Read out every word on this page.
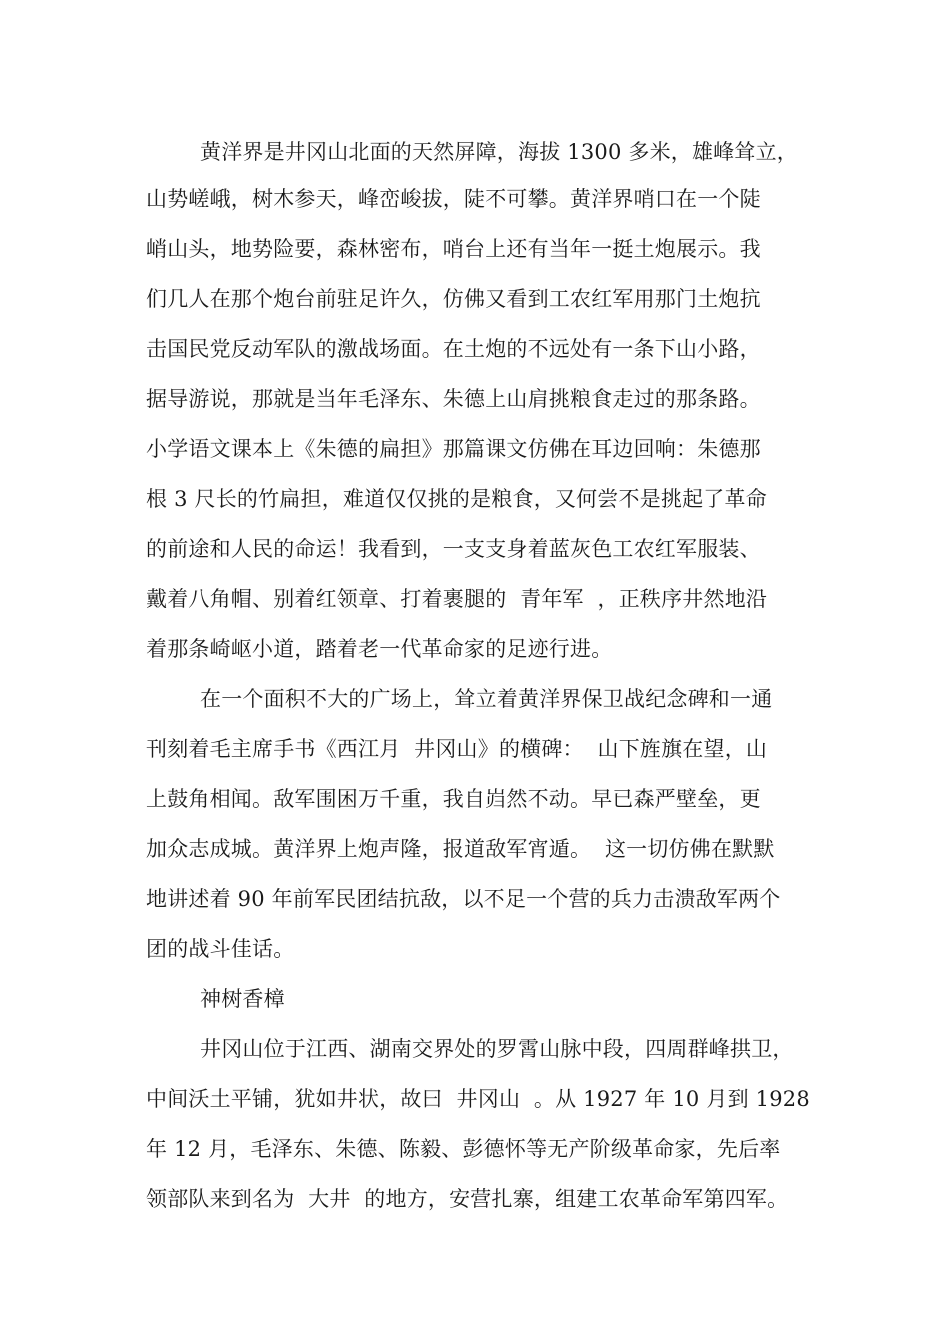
黄洋界是井冈山北面的天然屏障，海拔 1300 多米，雄峰耸立，
山势嵯峨，树木参天，峰峦峻拔，陡不可攀。黄洋界哨口在一个陡
峭山头，地势险要，森林密布，哨台上还有当年一挺土炮展示。我
们几人在那个炮台前驻足许久，仿佛又看到工农红军用那门土炮抗
击国民党反动军队的激战场面。在土炮的不远处有一条下山小路，
据导游说，那就是当年毛泽东、朱德上山肩挑粮食走过的那条路。
小学语文课本上《朱德的扁担》那篇课文仿佛在耳边回响：朱德那
根 3 尺长的竹扁担，难道仅仅挑的是粮食，又何尝不是挑起了革命
的前途和人民的命运！我看到，一支支身着蓝灰色工农红军服装、
戴着八角帽、别着红领章、打着裹腿的  青年军  ，正秩序井然地沿
着那条崎岖小道，踏着老一代革命家的足迹行进。
在一个面积不大的广场上，耸立着黄洋界保卫战纪念碑和一通
刊刻着毛主席手书《西江月  井冈山》的横碑：  山下旌旗在望，山
上鼓角相闻。敌军围困万千重，我自岿然不动。早已森严壁垒，更
加众志成城。黄洋界上炮声隆，报道敌军宵遁。  这一切仿佛在默默
地讲述着 90 年前军民团结抗敌，以不足一个营的兵力击溃敌军两个
团的战斗佳话。
神树香樟
井冈山位于江西、湖南交界处的罗霄山脉中段，四周群峰拱卫，
中间沃土平铺，犹如井状，故曰  井冈山  。从 1927 年 10 月到 1928
年 12 月，毛泽东、朱德、陈毅、彭德怀等无产阶级革命家，先后率
领部队来到名为  大井  的地方，安营扎寨，组建工农革命军第四军。
